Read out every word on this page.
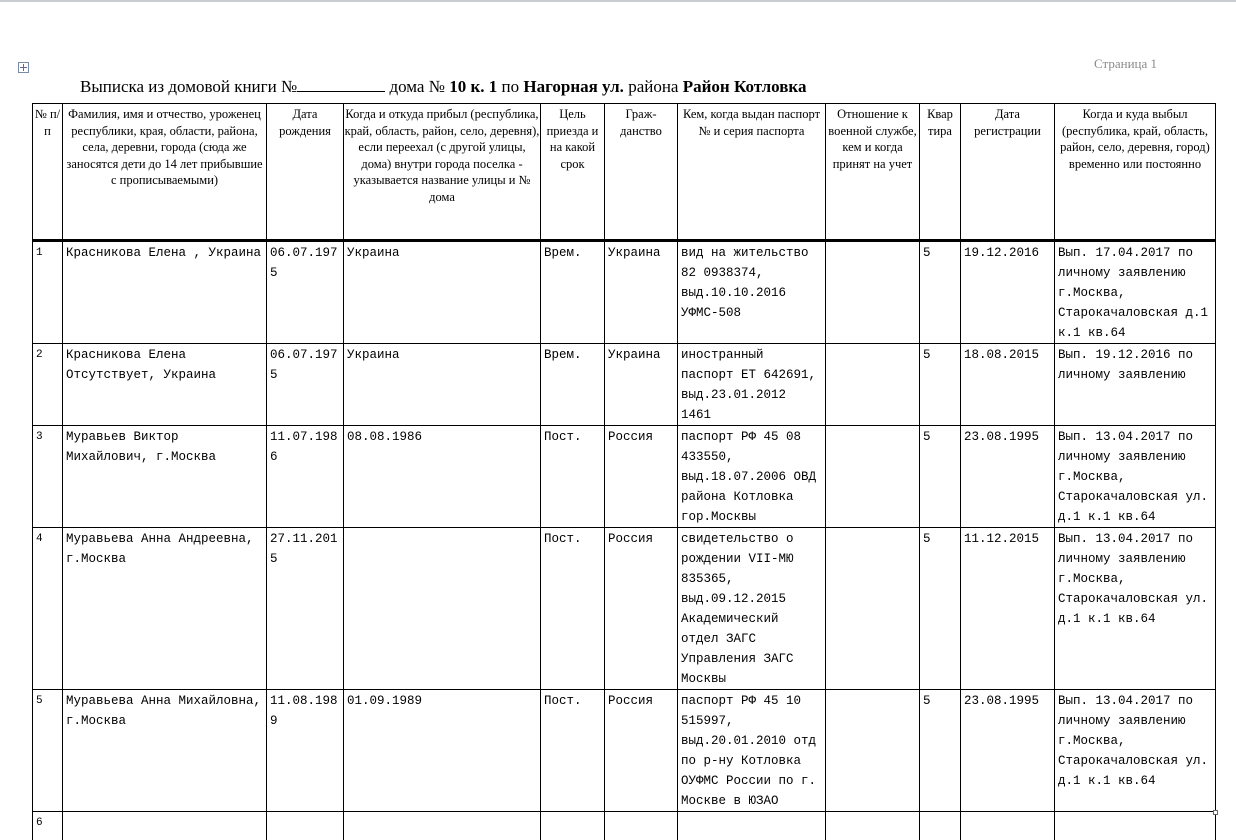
Страница 1
Выписка из домовой книги №	дома № 10 к. 1 по Нагорная ул. района Район Котловка
№ п/п	Фамилия, имя и отчество, уроженец республики, края, области, района, села, деревни, города (сюда же заносятся дети до 14 лет прибывшие с прописываемыми)	Дата рождения	Когда и откуда прибыл (республика, край, область, район, село, деревня), если переехал (с другой улицы, дома) внутри города поселка - указывается название улицы и № дома	Цель приезда и на какой срок	Граж-данство	Кем, когда выдан паспорт № и серия паспорта	Отношение к военной службе, кем и когда принят на учет	Квар тира	Дата регистрации	Когда и куда выбыл (республика, край, область, район, село, деревня, город) временно или постоянно
1	Красникова Елена , Украина	06.07.1975	Украина	Врем.	Украина	вид на жительство 82 0938374, выд.10.10.2016 УФМС-508		5	19.12.2016	Вып. 17.04.2017 по личному заявлению г.Москва, Старокачаловская д.1 к.1 кв.64
2	Красникова Елена Отсутствует, Украина	06.07.1975	Украина	Врем.	Украина	иностранный паспорт ЕТ 642691, выд.23.01.2012 1461		5	18.08.2015	Вып. 19.12.2016 по личному заявлению
3	Муравьев Виктор Михайлович, г.Москва	11.07.1986	08.08.1986	Пост.	Россия	паспорт РФ 45 08 433550, выд.18.07.2006 ОВД района Котловка гор.Москвы		5	23.08.1995	Вып. 13.04.2017 по личному заявлению г.Москва, Старокачаловская ул. д.1 к.1 кв.64
4	Муравьева Анна Андреевна, г.Москва	27.11.2015		Пост.	Россия	свидетельство о рождении VII-МЮ 835365, выд.09.12.2015 Академический отдел ЗАГС Управления ЗАГС Москвы		5	11.12.2015	Вып. 13.04.2017 по личному заявлению г.Москва, Старокачаловская ул. д.1 к.1 кв.64
5	Муравьева Анна Михайловна, г.Москва	11.08.1989	01.09.1989	Пост.	Россия	паспорт РФ 45 10 515997, выд.20.01.2010 отд по р-ну Котловка ОУФМС России по г. Москве в ЮЗАО		5	23.08.1995	Вып. 13.04.2017 по личному заявлению г.Москва, Старокачаловская ул. д.1 к.1 кв.64
6										
